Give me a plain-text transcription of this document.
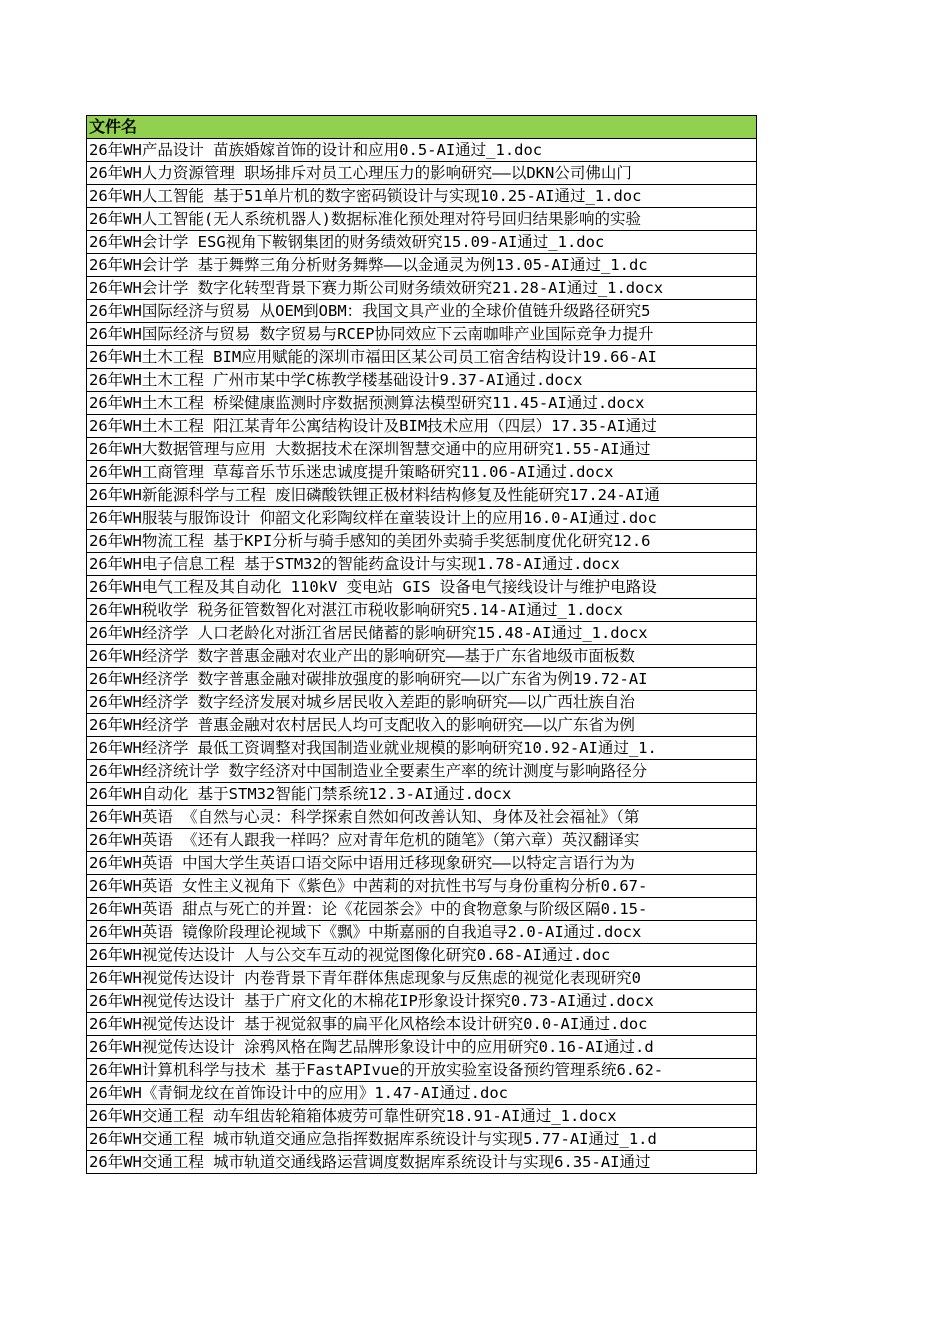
文件名
26年WH产品设计 苗族婚嫁首饰的设计和应用0.5-AI通过_1.doc
26年WH人力资源管理 职场排斥对员工心理压力的影响研究——以DKN公司佛山门
26年WH人工智能 基于51单片机的数字密码锁设计与实现10.25-AI通过_1.doc
26年WH人工智能(无人系统机器人)数据标准化预处理对符号回归结果影响的实验
26年WH会计学 ESG视角下鞍钢集团的财务绩效研究15.09-AI通过_1.doc
26年WH会计学 基于舞弊三角分析财务舞弊——以金通灵为例13.05-AI通过_1.dc
26年WH会计学 数字化转型背景下赛力斯公司财务绩效研究21.28-AI通过_1.docx
26年WH国际经济与贸易 从OEM到OBM：我国文具产业的全球价值链升级路径研究5
26年WH国际经济与贸易 数字贸易与RCEP协同效应下云南咖啡产业国际竞争力提升
26年WH土木工程 BIM应用赋能的深圳市福田区某公司员工宿舍结构设计19.66-AI
26年WH土木工程 广州市某中学C栋教学楼基础设计9.37-AI通过.docx
26年WH土木工程 桥梁健康监测时序数据预测算法模型研究11.45-AI通过.docx
26年WH土木工程 阳江某青年公寓结构设计及BIM技术应用（四层）17.35-AI通过
26年WH大数据管理与应用 大数据技术在深圳智慧交通中的应用研究1.55-AI通过
26年WH工商管理 草莓音乐节乐迷忠诚度提升策略研究11.06-AI通过.docx
26年WH新能源科学与工程 废旧磷酸铁锂正极材料结构修复及性能研究17.24-AI通
26年WH服装与服饰设计 仰韶文化彩陶纹样在童装设计上的应用16.0-AI通过.doc
26年WH物流工程 基于KPI分析与骑手感知的美团外卖骑手奖惩制度优化研究12.6
26年WH电子信息工程 基于STM32的智能药盒设计与实现1.78-AI通过.docx
26年WH电气工程及其自动化 110kV 变电站 GIS 设备电气接线设计与维护电路设
26年WH税收学 税务征管数智化对湛江市税收影响研究5.14-AI通过_1.docx
26年WH经济学 人口老龄化对浙江省居民储蓄的影响研究15.48-AI通过_1.docx
26年WH经济学 数字普惠金融对农业产出的影响研究——基于广东省地级市面板数
26年WH经济学 数字普惠金融对碳排放强度的影响研究——以广东省为例19.72-AI
26年WH经济学 数字经济发展对城乡居民收入差距的影响研究——以广西壮族自治
26年WH经济学 普惠金融对农村居民人均可支配收入的影响研究——以广东省为例
26年WH经济学 最低工资调整对我国制造业就业规模的影响研究10.92-AI通过_1.
26年WH经济统计学 数字经济对中国制造业全要素生产率的统计测度与影响路径分
26年WH自动化 基于STM32智能门禁系统12.3-AI通过.docx
26年WH英语 《自然与心灵：科学探索自然如何改善认知、身体及社会福祉》（第
26年WH英语 《还有人跟我一样吗？应对青年危机的随笔》（第六章）英汉翻译实
26年WH英语 中国大学生英语口语交际中语用迁移现象研究——以特定言语行为为
26年WH英语 女性主义视角下《紫色》中茜莉的对抗性书写与身份重构分析0.67-
26年WH英语 甜点与死亡的并置：论《花园茶会》中的食物意象与阶级区隔0.15-
26年WH英语 镜像阶段理论视域下《飘》中斯嘉丽的自我追寻2.0-AI通过.docx
26年WH视觉传达设计 人与公交车互动的视觉图像化研究0.68-AI通过.doc
26年WH视觉传达设计 内卷背景下青年群体焦虑现象与反焦虑的视觉化表现研究0
26年WH视觉传达设计 基于广府文化的木棉花IP形象设计探究0.73-AI通过.docx
26年WH视觉传达设计 基于视觉叙事的扁平化风格绘本设计研究0.0-AI通过.doc
26年WH视觉传达设计 涂鸦风格在陶艺品牌形象设计中的应用研究0.16-AI通过.d
26年WH计算机科学与技术 基于FastAPIvue的开放实验室设备预约管理系统6.62-
26年WH《青铜龙纹在首饰设计中的应用》1.47-AI通过.doc
26年WH交通工程 动车组齿轮箱箱体疲劳可靠性研究18.91-AI通过_1.docx
26年WH交通工程 城市轨道交通应急指挥数据库系统设计与实现5.77-AI通过_1.d
26年WH交通工程 城市轨道交通线路运营调度数据库系统设计与实现6.35-AI通过
